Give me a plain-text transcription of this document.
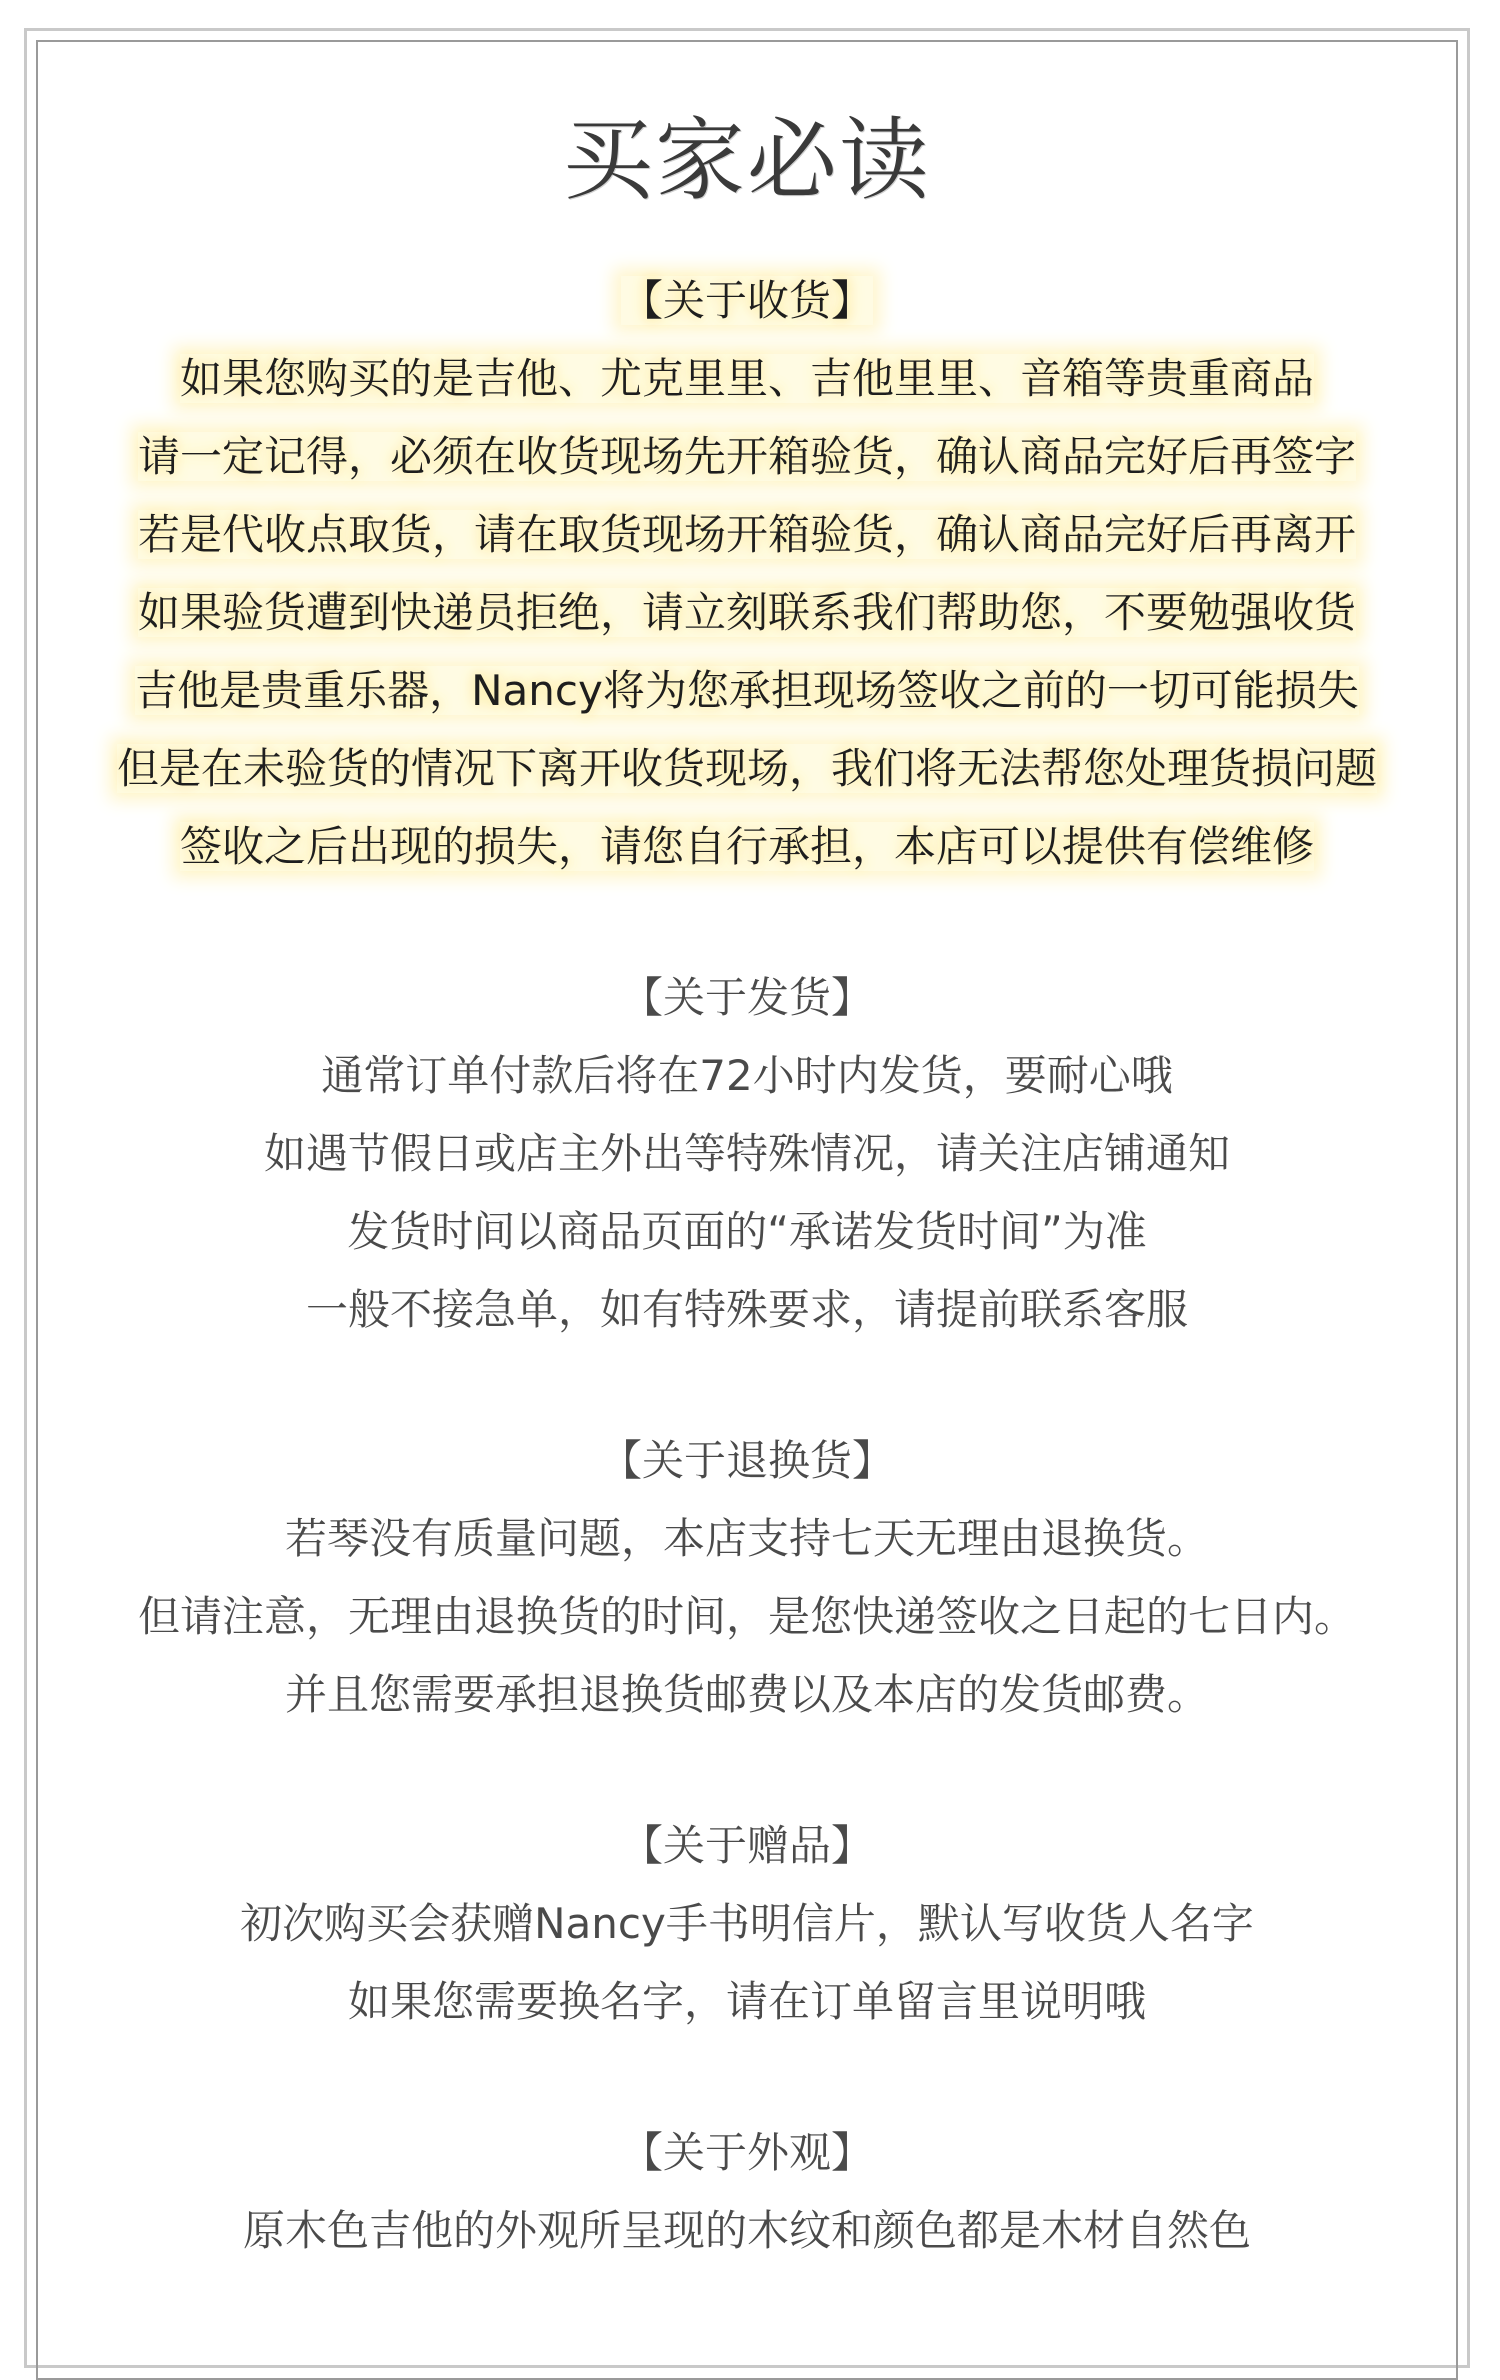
买家必读
【关于收货】
如果您购买的是吉他、尤克里里、吉他里里、音箱等贵重商品
请一定记得，必须在收货现场先开箱验货，确认商品完好后再签字
若是代收点取货，请在取货现场开箱验货，确认商品完好后再离开
如果验货遭到快递员拒绝，请立刻联系我们帮助您，不要勉强收货
吉他是贵重乐器，Nancy将为您承担现场签收之前的一切可能损失
但是在未验货的情况下离开收货现场，我们将无法帮您处理货损问题
签收之后出现的损失，请您自行承担，本店可以提供有偿维修
【关于发货】
通常订单付款后将在72小时内发货，要耐心哦
如遇节假日或店主外出等特殊情况，请关注店铺通知
发货时间以商品页面的“承诺发货时间”为准
一般不接急单，如有特殊要求，请提前联系客服
【关于退换货】
若琴没有质量问题，本店支持七天无理由退换货。
但请注意，无理由退换货的时间，是您快递签收之日起的七日内。
并且您需要承担退换货邮费以及本店的发货邮费。
【关于赠品】
初次购买会获赠Nancy手书明信片，默认写收货人名字
如果您需要换名字，请在订单留言里说明哦
【关于外观】
原木色吉他的外观所呈现的木纹和颜色都是木材自然色
